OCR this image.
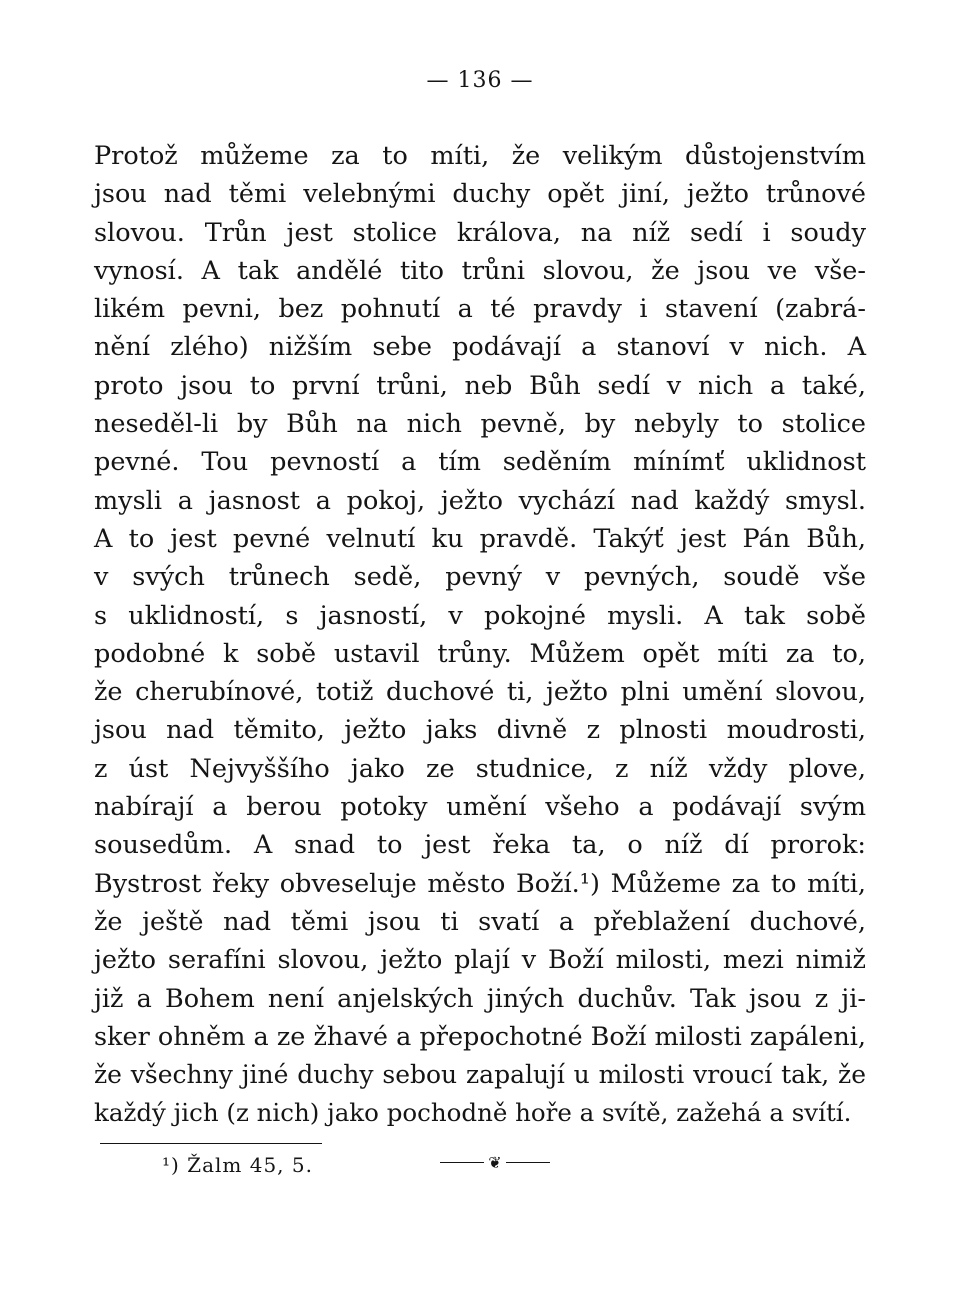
— 136 —
Protož můžeme za to míti, že velikým důstojenstvím
jsou nad těmi velebnými duchy opět jiní, ježto trůnové
slovou. Trůn jest stolice králova, na níž sedí i soudy
vynosí. A tak andělé tito trůni slovou, že jsou ve vše-
likém pevni, bez pohnutí a té pravdy i stavení (zabrá-
nění zlého) nižším sebe podávají a stanoví v nich. A
proto jsou to první trůni, neb Bůh sedí v nich a také,
neseděl-li by Bůh na nich pevně, by nebyly to stolice
pevné. Tou pevností a tím seděním mínímť uklidnost
mysli a jasnost a pokoj, ježto vychází nad každý smysl.
A to jest pevné velnutí ku pravdě. Takýť jest Pán Bůh,
v svých trůnech sedě, pevný v pevných, soudě vše
s uklidností, s jasností, v pokojné mysli. A tak sobě
podobné k sobě ustavil trůny. Můžem opět míti za to,
že cherubínové, totiž duchové ti, ježto plni umění slovou,
jsou nad těmito, ježto jaks divně z plnosti moudrosti,
z úst Nejvyššího jako ze studnice, z níž vždy plove,
nabírají a berou potoky umění všeho a podávají svým
sousedům. A snad to jest řeka ta, o níž dí prorok:
Bystrost řeky obveseluje město Boží.¹) Můžeme za to míti,
že ještě nad těmi jsou ti svatí a přeblažení duchové,
ježto serafíni slovou, ježto plají v Boží milosti, mezi nimiž
již a Bohem není anjelských jiných duchův. Tak jsou z ji-
sker ohněm a ze žhavé a přepochotné Boží milosti zapáleni,
že všechny jiné duchy sebou zapalují u milosti vroucí tak, že
každý jich (z nich) jako pochodně hoře a svítě, zažehá a svítí.
¹) Žalm 45, 5.	❦
